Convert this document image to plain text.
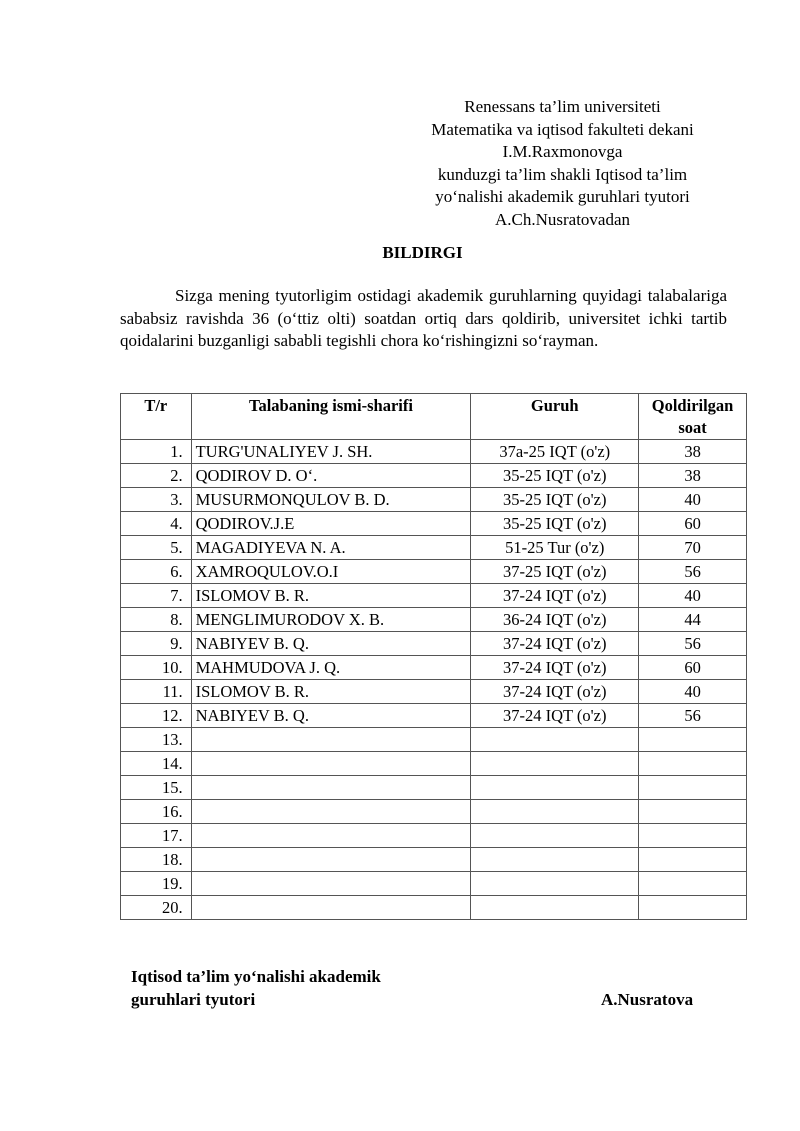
Renessans ta’lim universiteti
Matematika va iqtisod fakulteti dekani
I.M.Raxmonovga
kunduzgi ta’lim shakli Iqtisod ta’lim
yo‘nalishi akademik guruhlari tyutori
A.Ch.Nusratovadan
BILDIRGI
Sizga mening tyutorligim ostidagi akademik guruhlarning quyidagi talabalariga sababsiz ravishda 36 (o‘ttiz olti) soatdan ortiq dars qoldirib, universitet ichki tartib qoidalarini buzganligi sababli tegishli chora ko‘rishingizni so‘rayman.
T/r	Talabaning ismi-sharifi	Guruh	Qoldirilgan soat
1.	TURG'UNALIYEV J. SH.	37a-25 IQT (o'z)	38
2.	QODIROV D. O‘.	35-25 IQT (o'z)	38
3.	MUSURMONQULOV B. D.	35-25 IQT (o'z)	40
4.	QODIROV.J.E	35-25 IQT (o'z)	60
5.	MAGADIYEVA N. A.	51-25 Tur (o'z)	70
6.	XAMROQULOV.O.I	37-25 IQT (o'z)	56
7.	ISLOMOV B. R.	37-24 IQT (o'z)	40
8.	MENGLIMURODOV X. B.	36-24 IQT (o'z)	44
9.	NABIYEV B. Q.	37-24 IQT (o'z)	56
10.	MAHMUDOVA J. Q.	37-24 IQT (o'z)	60
11.	ISLOMOV B. R.	37-24 IQT (o'z)	40
12.	NABIYEV B. Q.	37-24 IQT (o'z)	56
13.			
14.			
15.			
16.			
17.			
18.			
19.			
20.			
Iqtisod ta’lim yo‘nalishi akademik
guruhlari tyutori	A.Nusratova
